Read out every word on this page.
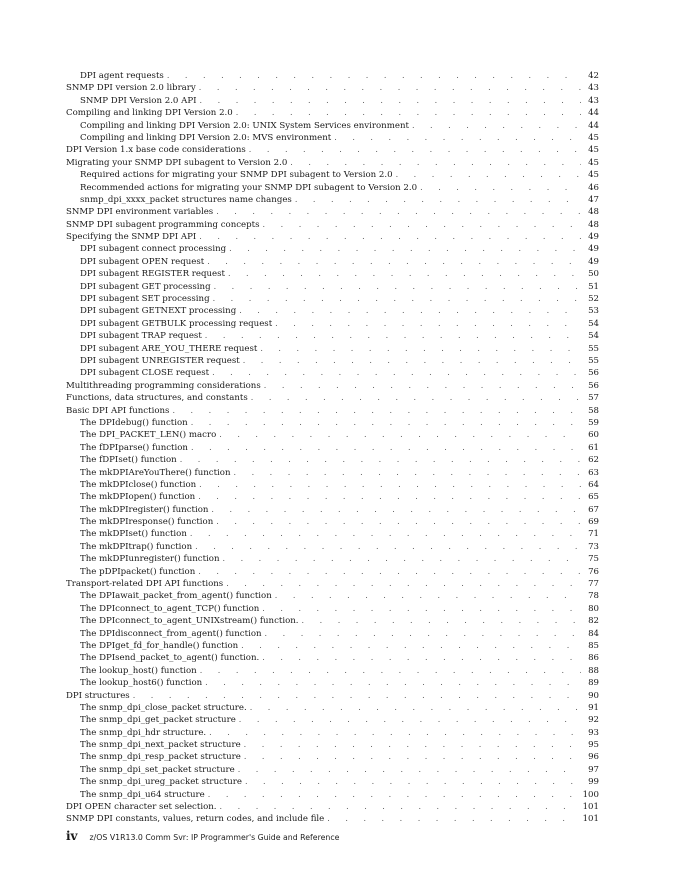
DPI agent requests . . .	42
SNMP DPI version 2.0 library . . .	43
SNMP DPI Version 2.0 API . . .	43
Compiling and linking DPI Version 2.0 . . .	44
Compiling and linking DPI Version 2.0: UNIX System Services environment . . .	44
Compiling and linking DPI Version 2.0: MVS environment . . .	45
DPI Version 1.x base code considerations . . .	45
Migrating your SNMP DPI subagent to Version 2.0 . . .	45
Required actions for migrating your SNMP DPI subagent to Version 2.0 . . .	45
Recommended actions for migrating your SNMP DPI subagent to Version 2.0 . . .	46
snmp_dpi_xxxx_packet structures name changes . . .	47
SNMP DPI environment variables . . .	48
SNMP DPI subagent programming concepts . . .	48
Specifying the SNMP DPI API . . .	49
DPI subagent connect processing . . .	49
DPI subagent OPEN request . . .	49
DPI subagent REGISTER request . . .	50
DPI subagent GET processing . . .	51
DPI subagent SET processing . . .	52
DPI subagent GETNEXT processing . . .	53
DPI subagent GETBULK processing request . . .	54
DPI subagent TRAP request . . .	54
DPI subagent ARE_YOU_THERE request . . .	55
DPI subagent UNREGISTER request . . .	55
DPI subagent CLOSE request . . .	56
Multithreading programming considerations . . .	56
Functions, data structures, and constants . . .	57
Basic DPI API functions . . .	58
The DPIdebug() function . . .	59
The DPI_PACKET_LEN() macro . . .	60
The fDPIparse() function . . .	61
The fDPIset() function . . .	62
The mkDPIAreYouThere() function . . .	63
The mkDPIclose() function . . .	64
The mkDPIopen() function . . .	65
The mkDPIregister() function . . .	67
The mkDPIresponse() function . . .	69
The mkDPIset() function . . .	71
The mkDPItrap() function . . .	73
The mkDPIunregister() function . . .	75
The pDPIpacket() function . . .	76
Transport-related DPI API functions . . .	77
The DPIawait_packet_from_agent() function . . .	78
The DPIconnect_to_agent_TCP() function . . .	80
The DPIconnect_to_agent_UNIXstream() function. . . .	82
The DPIdisconnect_from_agent() function . . .	84
The DPIget_fd_for_handle() function . . .	85
The DPIsend_packet_to_agent() function. . . .	86
The lookup_host() function . . .	88
The lookup_host6() function . . .	89
DPI structures . . .	90
The snmp_dpi_close_packet structure. . . .	91
The snmp_dpi_get_packet structure . . .	92
The snmp_dpi_hdr structure. . . .	93
The snmp_dpi_next_packet structure . . .	95
The snmp_dpi_resp_packet structure . . .	96
The snmp_dpi_set_packet structure . . .	97
The snmp_dpi_ureg_packet structure . . .	99
The snmp_dpi_u64 structure . . .	100
DPI OPEN character set selection. . . .	101
SNMP DPI constants, values, return codes, and include file . . .	101
iv z/OS V1R13.0 Comm Svr: IP Programmer's Guide and Reference
